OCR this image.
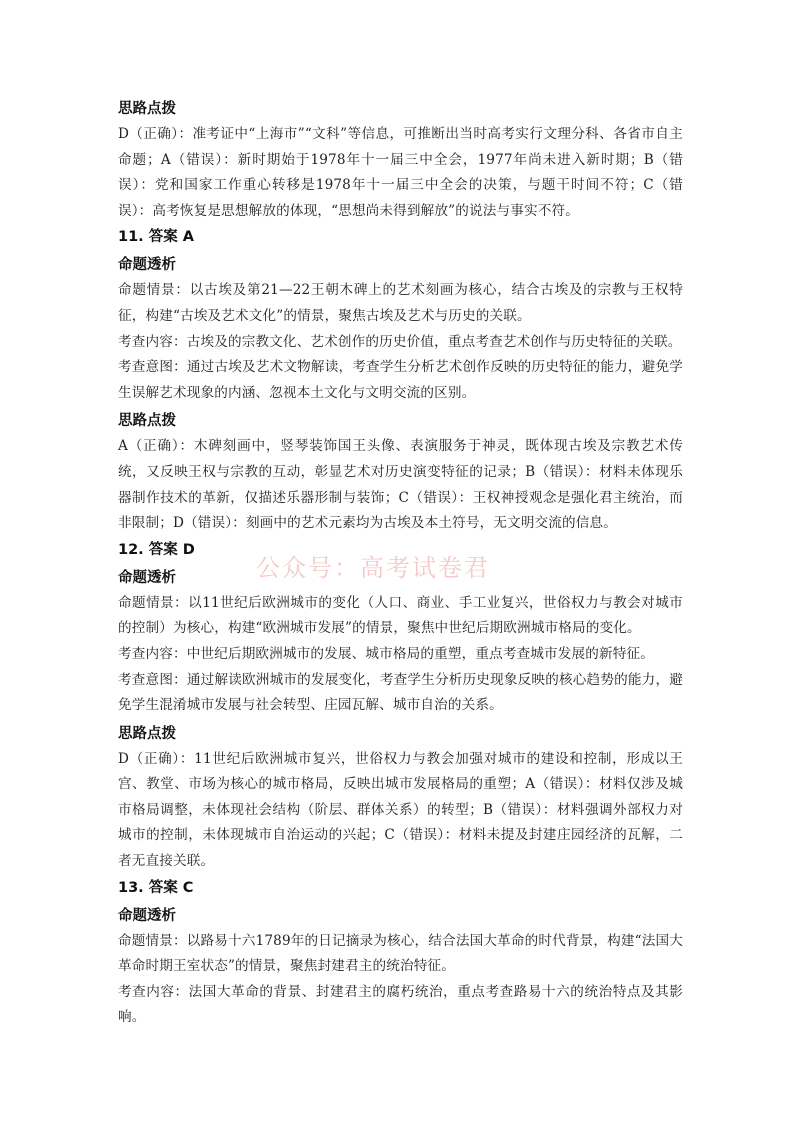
公众号：高考试卷君

思路点拨

D（正确）：准考证中“上海市”“文科”等信息，可推断出当时高考实行文理分科、各省市自主命题；A（错误）：新时期始于1978年十一届三中全会，1977年尚未进入新时期；B（错误）：党和国家工作重心转移是1978年十一届三中全会的决策，与题干时间不符；C（错误）：高考恢复是思想解放的体现，“思想尚未得到解放”的说法与事实不符。

11. 答案 A

命题透析

命题情景：以古埃及第21—22王朝木碑上的艺术刻画为核心，结合古埃及的宗教与王权特征，构建“古埃及艺术文化”的情景，聚焦古埃及艺术与历史的关联。

考查内容：古埃及的宗教文化、艺术创作的历史价值，重点考查艺术创作与历史特征的关联。

考查意图：通过古埃及艺术文物解读，考查学生分析艺术创作反映的历史特征的能力，避免学生误解艺术现象的内涵、忽视本土文化与文明交流的区别。

思路点拨

A（正确）：木碑刻画中，竖琴装饰国王头像、表演服务于神灵，既体现古埃及宗教艺术传统，又反映王权与宗教的互动，彰显艺术对历史演变特征的记录；B（错误）：材料未体现乐器制作技术的革新，仅描述乐器形制与装饰；C（错误）：王权神授观念是强化君主统治，而非限制；D（错误）：刻画中的艺术元素均为古埃及本土符号，无文明交流的信息。

12. 答案 D

命题透析

命题情景：以11世纪后欧洲城市的变化（人口、商业、手工业复兴，世俗权力与教会对城市的控制）为核心，构建“欧洲城市发展”的情景，聚焦中世纪后期欧洲城市格局的变化。

考查内容：中世纪后期欧洲城市的发展、城市格局的重塑，重点考查城市发展的新特征。

考查意图：通过解读欧洲城市的发展变化，考查学生分析历史现象反映的核心趋势的能力，避免学生混淆城市发展与社会转型、庄园瓦解、城市自治的关系。

思路点拨

D（正确）：11世纪后欧洲城市复兴，世俗权力与教会加强对城市的建设和控制，形成以王宫、教堂、市场为核心的城市格局，反映出城市发展格局的重塑；A（错误）：材料仅涉及城市格局调整，未体现社会结构（阶层、群体关系）的转型；B（错误）：材料强调外部权力对城市的控制，未体现城市自治运动的兴起；C（错误）：材料未提及封建庄园经济的瓦解，二者无直接关联。

13. 答案 C

命题透析

命题情景：以路易十六1789年的日记摘录为核心，结合法国大革命的时代背景，构建“法国大革命时期王室状态”的情景，聚焦封建君主的统治特征。

考查内容：法国大革命的背景、封建君主的腐朽统治，重点考查路易十六的统治特点及其影响。
